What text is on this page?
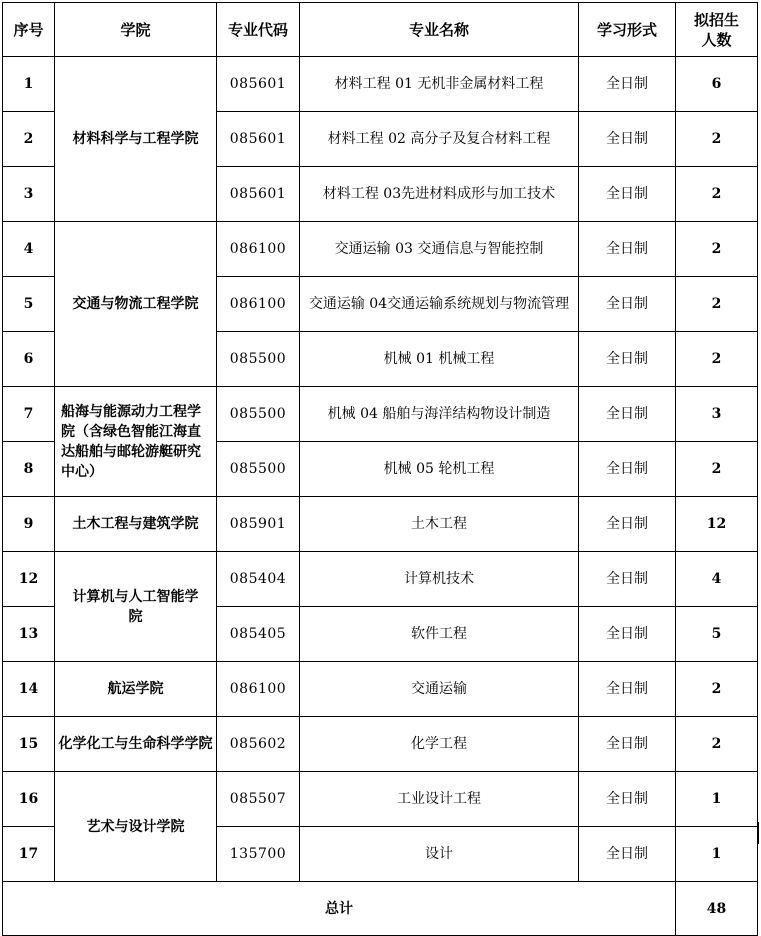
序号	学院	专业代码	专业名称	学习形式	拟招生人数
1	材料科学与工程学院	085601	材料工程 01 无机非金属材料工程	全日制	6
2		085601	材料工程 02 高分子及复合材料工程	全日制	2
3		085601	材料工程 03先进材料成形与加工技术	全日制	2
4	交通与物流工程学院	086100	交通运输 03 交通信息与智能控制	全日制	2
5		086100	交通运输 04交通运输系统规划与物流管理	全日制	2
6		085500	机械 01 机械工程	全日制	2
7	船海与能源动力工程学院（含绿色智能江海直达船舶与邮轮游艇研究中心）	085500	机械 04 船舶与海洋结构物设计制造	全日制	3
8		085500	机械 05 轮机工程	全日制	2
9	土木工程与建筑学院	085901	土木工程	全日制	12
12	计算机与人工智能学院	085404	计算机技术	全日制	4
13		085405	软件工程	全日制	5
14	航运学院	086100	交通运输	全日制	2
15	化学化工与生命科学学院	085602	化学工程	全日制	2
16	艺术与设计学院	085507	工业设计工程	全日制	1
17		135700	设计	全日制	1
总计					48
